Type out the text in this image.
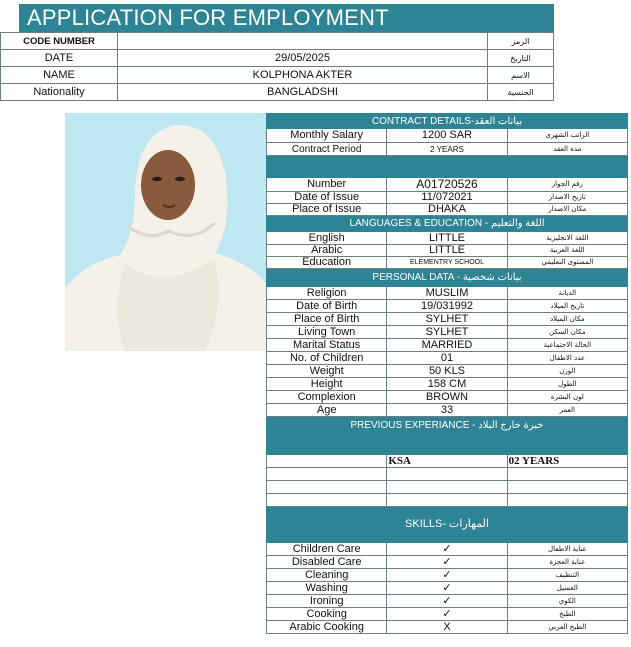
APPLICATION FOR EMPLOYMENT
CODE NUMBER		الرمز
DATE	29/05/2025	التاريخ
NAME	KOLPHONA AKTER	الاسم
Nationality	BANGLADSHI	الجنسية
CONTRACT DETAILS-بيانات العقد		
Monthly Salary	1200 SAR	الراتب الشهري
Contract Period	2 YEARS	مدة العقد

Number	A01720526	رقم الجواز
Date of Issue	11/072021	تاريخ الاصدار
Place of Issue	DHAKA	مكان الاصدار
LANGUAGES & EDUCATION - اللغة والتعليم		
English	LITTLE	اللغة الانجليزية
Arabic	LITTLE	اللغة العربية
Education	ELEMENTRY SCHOOL	المستوى التعليمي
PERSONAL DATA - بيانات شخصية		
Religion	MUSLIM	الديانة
Date of Birth	19/031992	تاريخ الميلاد
Place of Birth	SYLHET	مكان الميلاد
Living Town	SYLHET	مكان السكن
Marital Status	MARRIED	الحالة الاجتماعية
No. of Children	01	عدد الاطفال
Weight	50 KLS	الوزن
Height	158 CM	الطول
Complexion	BROWN	لون البشرة
Age	33	العمر
PREVIOUS EXPERIANCE - خبرة خارج البلاد		
	KSA	02 YEARS

SKILLS- المهارات		
Children Care	✓	عناية الاطفال
Disabled Care	✓	عناية العجزة
Cleaning	✓	التنظيف
Washing	✓	الغسيل
Ironing	✓	الكوي
Cooking	✓	الطبخ
Arabic Cooking	X	الطبخ العربي
